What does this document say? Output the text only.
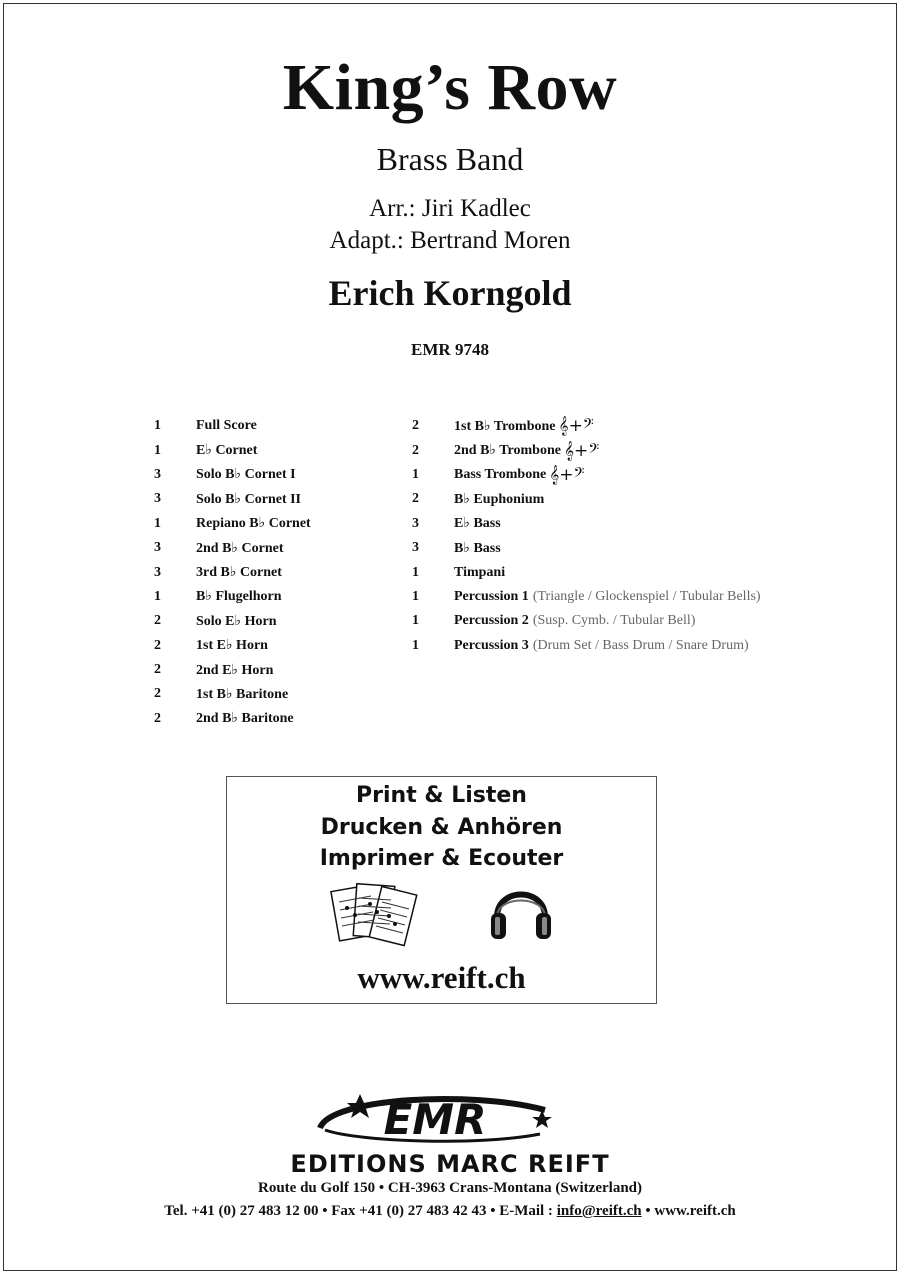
King’s Row
Brass Band
Arr.: Jiri Kadlec
Adapt.: Bertrand Moren
Erich Korngold
EMR 9748
1	Full Score
1	E♭ Cornet
3	Solo B♭ Cornet I
3	Solo B♭ Cornet II
1	Repiano B♭ Cornet
3	2nd B♭ Cornet
3	3rd B♭ Cornet
1	B♭ Flugelhorn
2	Solo E♭ Horn
2	1st E♭ Horn
2	2nd E♭ Horn
2	1st B♭ Baritone
2	2nd B♭ Baritone
2	1st B♭ Trombone 𝄞+𝄢
2	2nd B♭ Trombone 𝄞+𝄢
1	Bass Trombone 𝄞+𝄢
2	B♭ Euphonium
3	E♭ Bass
3	B♭ Bass
1	Timpani
1	Percussion 1 (Triangle / Glockenspiel / Tubular Bells)
1	Percussion 2 (Susp. Cymb. / Tubular Bell)
1	Percussion 3 (Drum Set / Bass Drum / Snare Drum)
Print & Listen
Drucken & Anhören
Imprimer & Ecouter
www.reift.ch
EMR
EDITIONS MARC REIFT
Route du Golf 150 • CH-3963 Crans-Montana (Switzerland)
Tel. +41 (0) 27 483 12 00 • Fax +41 (0) 27 483 42 43 • E-Mail : info@reift.ch • www.reift.ch
